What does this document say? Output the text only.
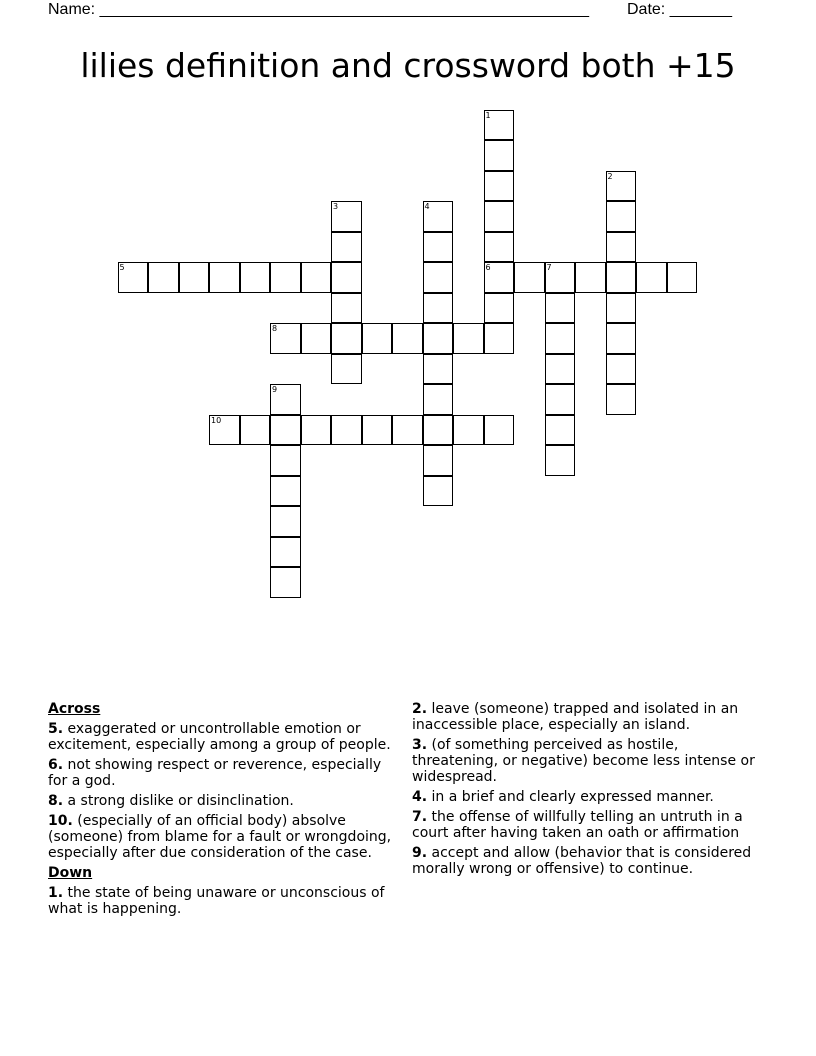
Name: _______________________________________________________ Date: _______
lilies definition and crossword both +15
1
6
2
3	4
5	7
8
9
10
Across
5. exaggerated or uncontrollable emotion or excitement, especially among a group of people.
6. not showing respect or reverence, especially for a god.
8. a strong dislike or disinclination.
10. (especially of an official body) absolve (someone) from blame for a fault or wrongdoing, especially after due consideration of the case.
Down
1. the state of being unaware or unconscious of what is happening.
2. leave (someone) trapped and isolated in an inaccessible place, especially an island.
3. (of something perceived as hostile, threatening, or negative) become less intense or widespread.
4. in a brief and clearly expressed manner.
7. the offense of willfully telling an untruth in a court after having taken an oath or affirmation
9. accept and allow (behavior that is considered morally wrong or offensive) to continue.
